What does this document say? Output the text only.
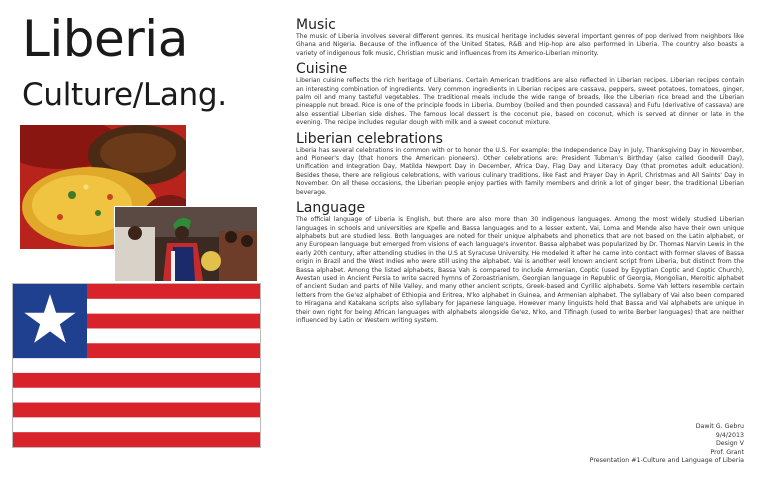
Liberia
Culture/Lang.
Music

The music of Liberia involves several different genres. Its musical heritage includes several important genres of pop derived from neighbors like Ghana and Nigeria. Because of the influence of the United States, R&B and Hip-hop are also performed in Liberia. The country also boasts a variety of indigenous folk music, Christian music and influences from its Americo-Liberian minority.

Cuisine

Liberian cuisine reflects the rich heritage of Liberians. Certain American traditions are also reflected in Liberian recipes. Liberian recipes contain an interesting combination of ingredients. Very common ingredients in Liberian recipes are cassava, peppers, sweet potatoes, tomatoes, ginger, palm oil and many tasteful vegetables. The traditional meals include the wide range of breads, like the Liberian rice bread and the Liberian pineapple nut bread. Rice is one of the principle foods in Liberia. Dumboy (boiled and then pounded cassava) and Fufu (derivative of cassava) are also essential Liberian side dishes. The famous local dessert is the coconut pie, based on coconut, which is served at dinner or late in the evening. The recipe includes regular dough with milk and a sweet coconut mixture.

Liberian celebrations

Liberia has several celebrations in common with or to honor the U.S. For example: the Independence Day in July, Thanksgiving Day in November, and Pioneer's day (that honors the American pioneers). Other celebrations are: President Tubman's Birthday (also called Goodwill Day), Unification and Integration Day, Matilda Newport Day in December, Africa Day, Flag Day and Literacy Day (that promotes adult education). Besides these, there are religious celebrations, with various culinary traditions, like Fast and Prayer Day in April, Christmas and All Saints' Day in November. On all these occasions, the Liberian people enjoy parties with family members and drink a lot of ginger beer, the traditional Liberian beverage.

Language

The official language of Liberia is English, but there are also more than 30 indigenous languages. Among the most widely studied Liberian languages in schools and universities are Kpelle and Bassa languages and to a lesser extent, Vai, Loma and Mende also have their own unique alphabets but are studied less. Both languages are noted for their unique alphabets and phonetics that are not based on the Latin alphabet, or any European language but emerged from visions of each language's inventor. Bassa alphabet was popularized by Dr. Thomas Narvin Lewis in the early 20th century, after attending studies in the U.S at Syracuse University. He modeled it after he came into contact with former slaves of Bassa origin in Brazil and the West Indies who were still using the alphabet. Vai is another well known ancient script from Liberia, but distinct from the Bassa alphabet. Among the listed alphabets, Bassa Vah is compared to include Armenian, Coptic (used by Egyptian Coptic and Coptic Church), Avestan used in Ancient Persia to write sacred hymns of Zoroastrianism, Georgian language in Republic of Georgia, Mongolian, Meroitic alphabet of ancient Sudan and parts of Nile Valley, and many other ancient scripts, Greek-based and Cyrillic alphabets. Some Vah letters resemble certain letters from the Ge'ez alphabet of Ethiopia and Eritrea, N'ko alphabet in Guinea, and Armenian alphabet. The syllabary of Vai also been compared to Hiragana and Katakana scripts also syllabary for Japanese language. However many linguists hold that Bassa and Vai alphabets are unique in their own right for being African languages with alphabets alongside Ge'ez, N'ko, and Tifinagh (used to write Berber languages) that are neither influenced by Latin or Western writing system.

Dawit G. Gebru
9/4/2013
Design V
Prof. Grant
Presentation #1-Culture and Language of Liberia
